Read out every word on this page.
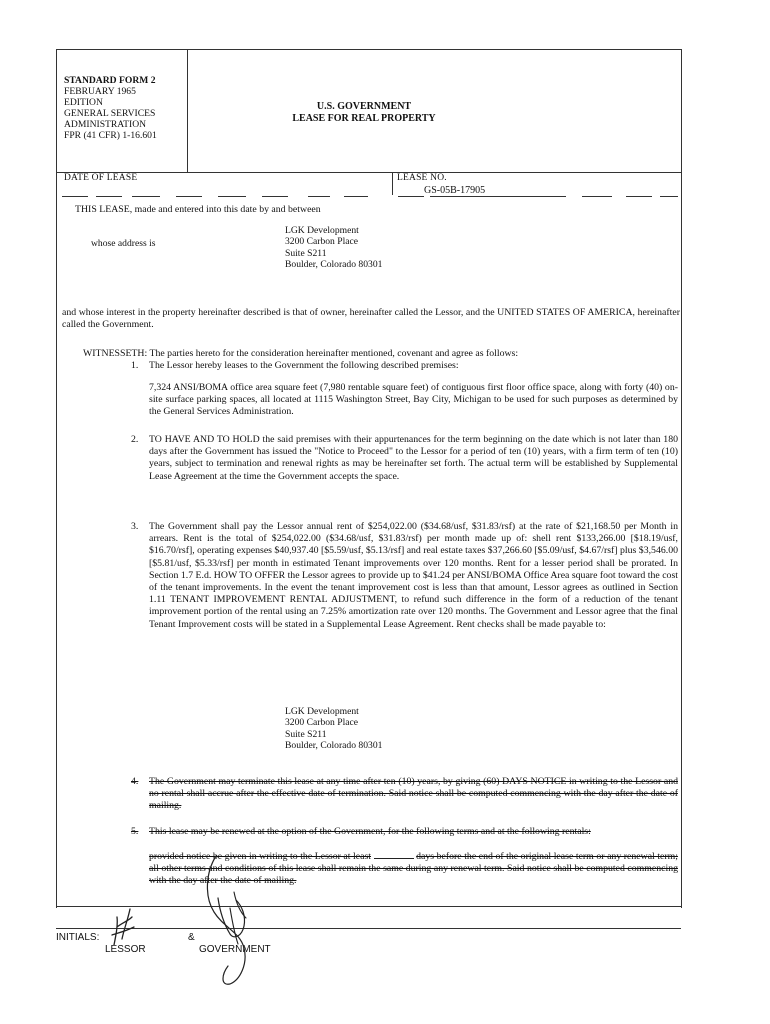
STANDARD FORM 2
FEBRUARY 1965
EDITION
GENERAL SERVICES
ADMINISTRATION
FPR (41 CFR) 1-16.601
U.S. GOVERNMENT
LEASE FOR REAL PROPERTY
DATE OF LEASE	LEASE NO.
GS-05B-17905
THIS LEASE, made and entered into this date by and between
whose address is
LGK Development
3200 Carbon Place
Suite S211
Boulder, Colorado 80301
and whose interest in the property hereinafter described is that of owner, hereinafter called the Lessor, and the UNITED STATES OF AMERICA, hereinafter called the Government.
WITNESSETH: The parties hereto for the consideration hereinafter mentioned, covenant and agree as follows:
1. The Lessor hereby leases to the Government the following described premises:
7,324 ANSI/BOMA office area square feet (7,980 rentable square feet) of contiguous first floor office space, along with forty (40) on-site surface parking spaces, all located at 1115 Washington Street, Bay City, Michigan to be used for such purposes as determined by the General Services Administration.
2. TO HAVE AND TO HOLD the said premises with their appurtenances for the term beginning on the date which is not later than 180 days after the Government has issued the "Notice to Proceed" to the Lessor for a period of ten (10) years, with a firm term of ten (10) years, subject to termination and renewal rights as may be hereinafter set forth. The actual term will be established by Supplemental Lease Agreement at the time the Government accepts the space.
3. The Government shall pay the Lessor annual rent of $254,022.00 ($34.68/usf, $31.83/rsf) at the rate of $21,168.50 per Month in arrears. Rent is the total of $254,022.00 ($34.68/usf, $31.83/rsf) per month made up of: shell rent $133,266.00 [$18.19/usf, $16.70/rsf], operating expenses $40,937.40 [$5.59/usf, $5.13/rsf] and real estate taxes $37,266.60 [$5.09/usf, $4.67/rsf] plus $3,546.00 [$5.81/usf, $5.33/rsf] per month in estimated Tenant improvements over 120 months. Rent for a lesser period shall be prorated. In Section 1.7 E.d. HOW TO OFFER the Lessor agrees to provide up to $41.24 per ANSI/BOMA Office Area square foot toward the cost of the tenant improvements. In the event the tenant improvement cost is less than that amount, Lessor agrees as outlined in Section 1.11 TENANT IMPROVEMENT RENTAL ADJUSTMENT, to refund such difference in the form of a reduction of the tenant improvement portion of the rental using an 7.25% amortization rate over 120 months. The Government and Lessor agree that the final Tenant Improvement costs will be stated in a Supplemental Lease Agreement. Rent checks shall be made payable to:
LGK Development
3200 Carbon Place
Suite S211
Boulder, Colorado 80301
4. The Government may terminate this lease at any time after ten (10) years, by giving (60) DAYS NOTICE in writing to the Lessor and no rental shall accrue after the effective date of termination. Said notice shall be computed commencing with the day after the date of mailing.
5. This lease may be renewed at the option of the Government, for the following terms and at the following rentals:
provided notice be given in writing to the Lessor at least	days before the end of the original lease term or any renewal term; all other terms and conditions of this lease shall remain the same during any renewal term. Said notice shall be computed commencing with the day after the date of mailing.
INITIALS:
LESSOR
&
GOVERNMENT
